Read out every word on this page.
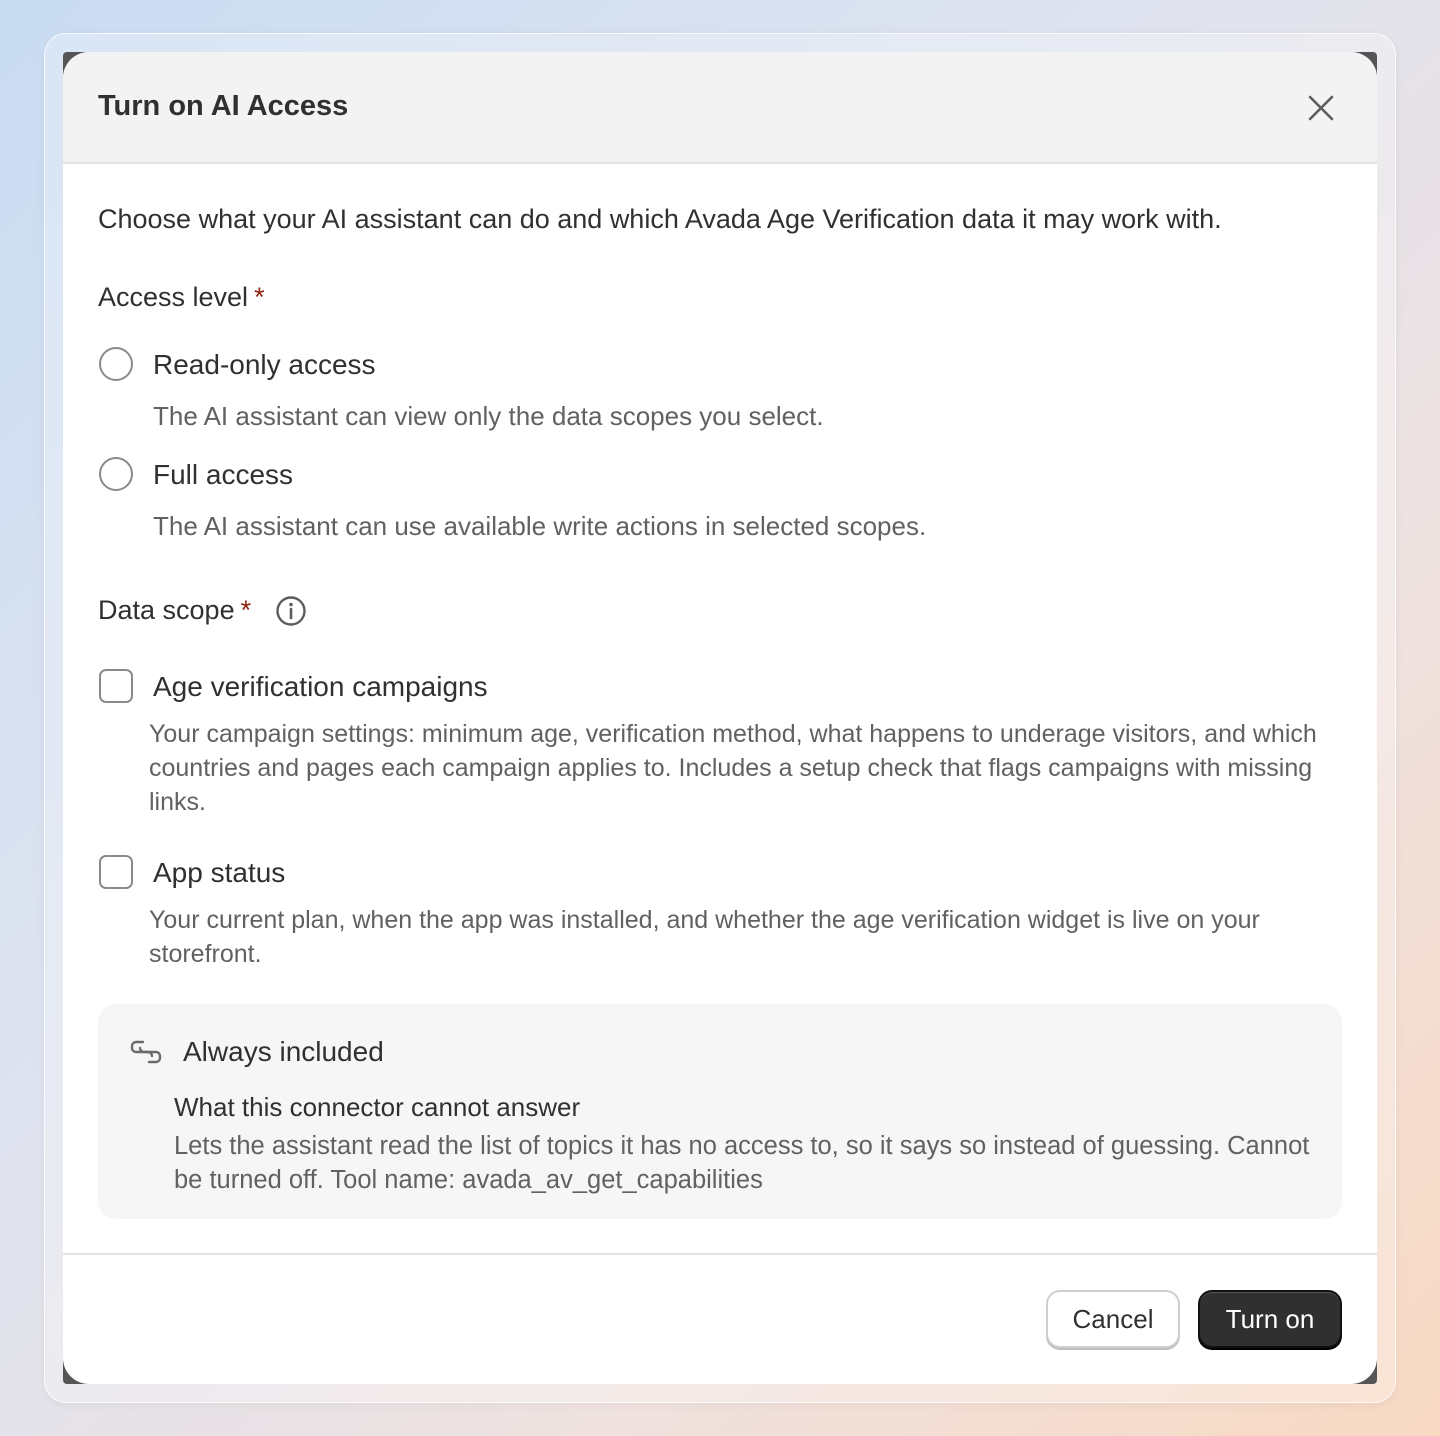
Turn on AI Access
Choose what your AI assistant can do and which Avada Age Verification data it may work with.
Access level *
Read-only access
The AI assistant can view only the data scopes you select.
Full access
The AI assistant can use available write actions in selected scopes.
Data scope *
Age verification campaigns
Your campaign settings: minimum age, verification method, what happens to underage visitors, and which countries and pages each campaign applies to. Includes a setup check that flags campaigns with missing links.
App status
Your current plan, when the app was installed, and whether the age verification widget is live on your storefront.
Always included
What this connector cannot answer
Lets the assistant read the list of topics it has no access to, so it says so instead of guessing. Cannot be turned off. Tool name: avada_av_get_capabilities
Cancel	Turn on
